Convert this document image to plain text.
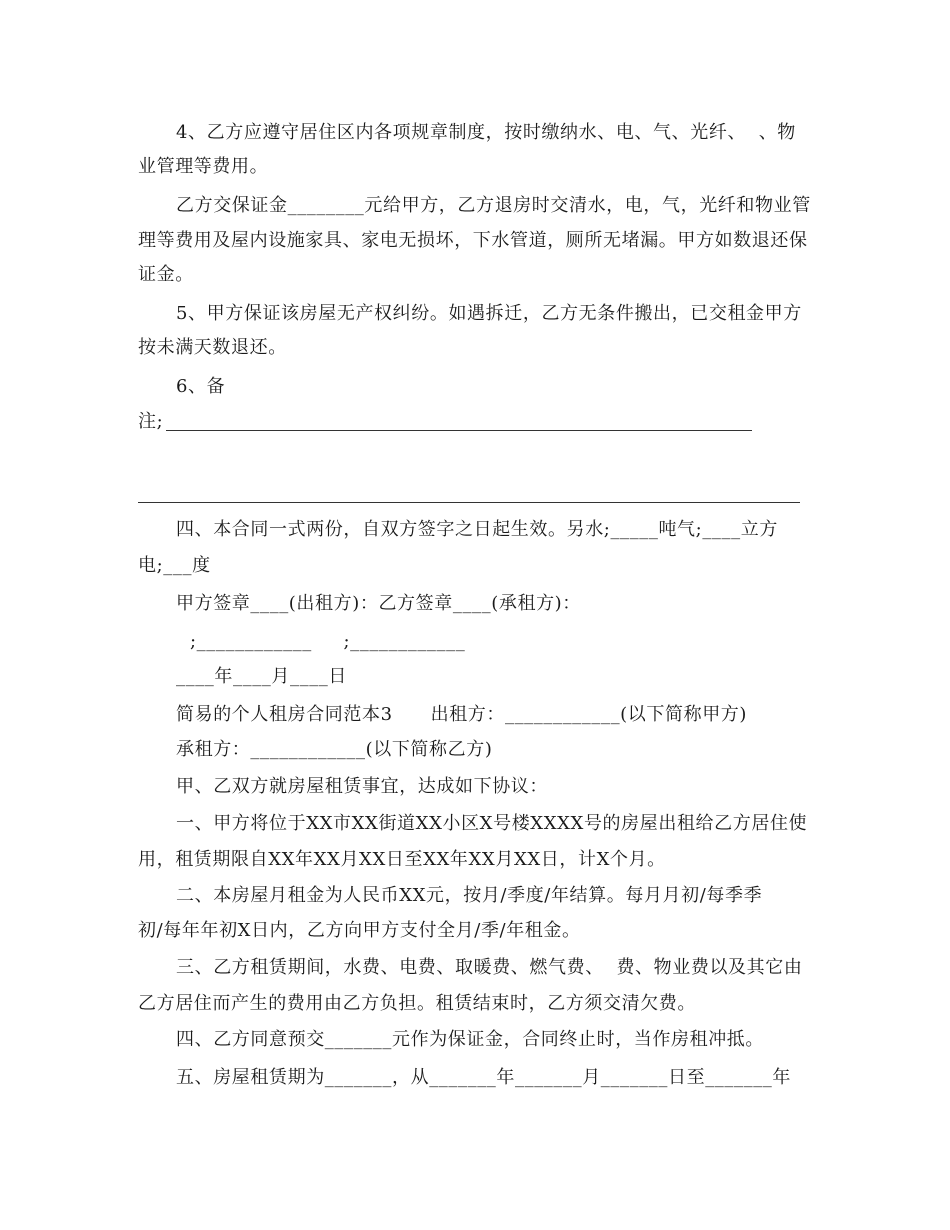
4、乙方应遵守居住区内各项规章制度，按时缴纳水、电、气、光纤、  、物
业管理等费用。
乙方交保证金________元给甲方，乙方退房时交清水，电，气，光纤和物业管
理等费用及屋内设施家具、家电无损坏，下水管道，厕所无堵漏。甲方如数退还保
证金。
5、甲方保证该房屋无产权纠纷。如遇拆迁，乙方无条件搬出，已交租金甲方
按未满天数退还。
6、备
注;
四、本合同一式两份，自双方签字之日起生效。另水;_____吨气;____立方
电;___度
甲方签章____(出租方)：乙方签章____(承租方)：
;____________     ;____________
____年____月____日
简易的个人租房合同范本3      出租方：____________(以下简称甲方)
承租方：____________(以下简称乙方)
甲、乙双方就房屋租赁事宜，达成如下协议：
一、甲方将位于XX市XX街道XX小区X号楼XXXX号的房屋出租给乙方居住使
用，租赁期限自XX年XX月XX日至XX年XX月XX日，计X个月。
二、本房屋月租金为人民币XX元，按月/季度/年结算。每月月初/每季季
初/每年年初X日内，乙方向甲方支付全月/季/年租金。
三、乙方租赁期间，水费、电费、取暖费、燃气费、  费、物业费以及其它由
乙方居住而产生的费用由乙方负担。租赁结束时，乙方须交清欠费。
四、乙方同意预交_______元作为保证金，合同终止时，当作房租冲抵。
五、房屋租赁期为_______，从_______年_______月_______日至_______年
